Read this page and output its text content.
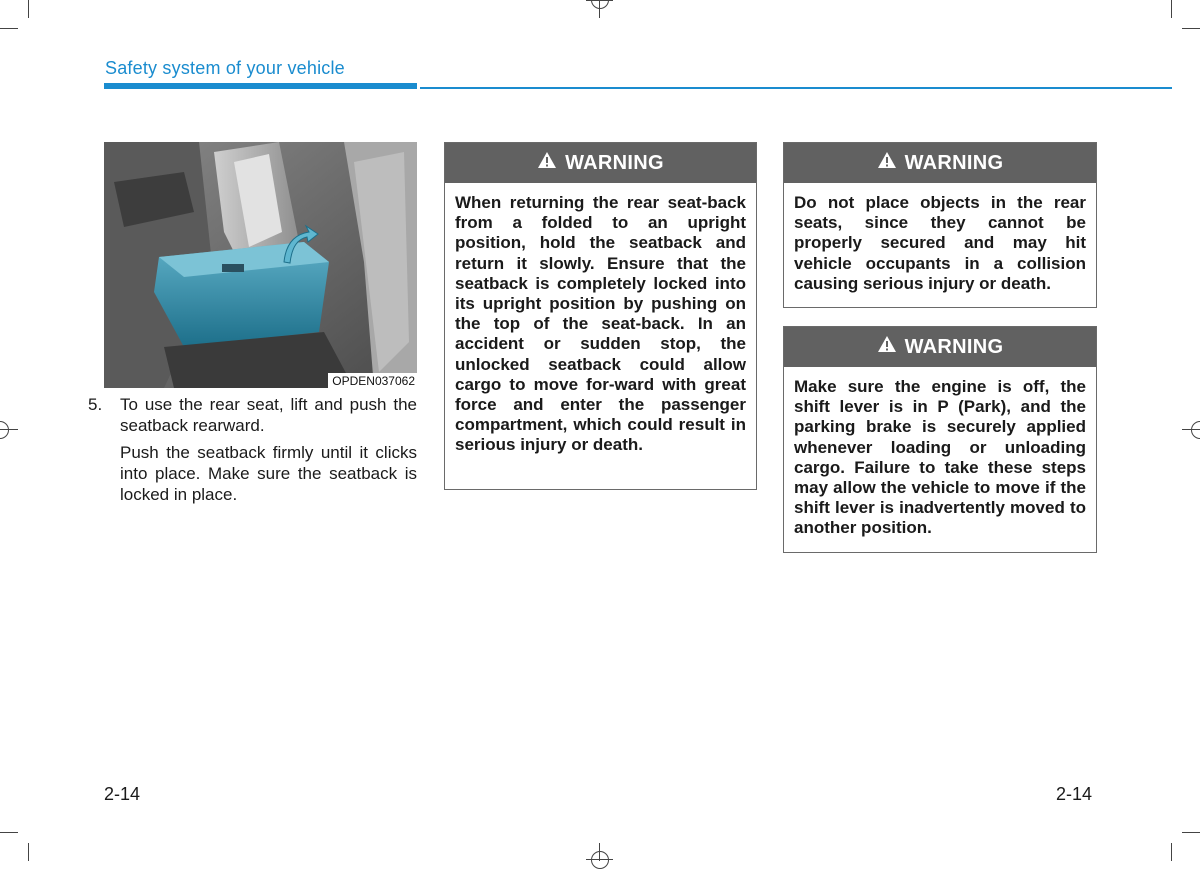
Safety system of your vehicle
OPDEN037062

5. To use the rear seat, lift and push the seatback rearward.

Push the seatback firmly until it clicks into place. Make sure the seatback is locked in place.

WARNING
When returning the rear seat-back from a folded to an upright position, hold the seatback and return it slowly. Ensure that the seatback is completely locked into its upright position by pushing on the top of the seat-back. In an accident or sudden stop, the unlocked seatback could allow cargo to move for-ward with great force and enter the passenger compartment, which could result in serious injury or death.
WARNING
Do not place objects in the rear seats, since they cannot be properly secured and may hit vehicle occupants in a collision causing serious injury or death.
WARNING
Make sure the engine is off, the shift lever is in P (Park), and the parking brake is securely applied whenever loading or unloading cargo. Failure to take these steps may allow the vehicle to move if the shift lever is inadvertently moved to another position.
2-14	2-14
